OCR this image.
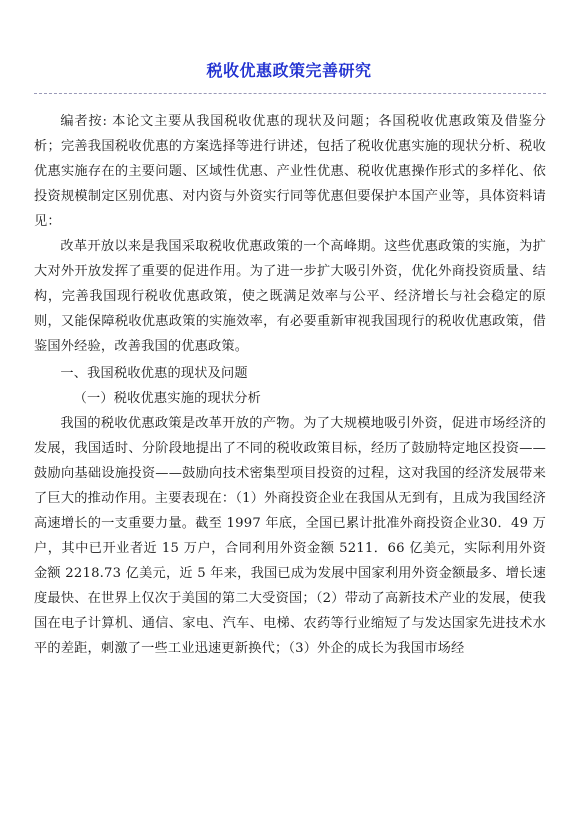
税收优惠政策完善研究

编者按: 本论文主要从我国税收优惠的现状及问题；各国税收优惠政策及借鉴分析；完善我国税收优惠的方案选择等进行讲述，包括了税收优惠实施的现状分析、税收优惠实施存在的主要问题、区域性优惠、产业性优惠、税收优惠操作形式的多样化、依投资规模制定区别优惠、对内资与外资实行同等优惠但要保护本国产业等，具体资料请见：

改革开放以来是我国采取税收优惠政策的一个高峰期。这些优惠政策的实施，为扩大对外开放发挥了重要的促进作用。为了进一步扩大吸引外资，优化外商投资质量、结构，完善我国现行税收优惠政策，使之既满足效率与公平、经济增长与社会稳定的原则，又能保障税收优惠政策的实施效率，有必要重新审视我国现行的税收优惠政策，借鉴国外经验，改善我国的优惠政策。

一、我国税收优惠的现状及问题

（一）税收优惠实施的现状分析

我国的税收优惠政策是改革开放的产物。为了大规模地吸引外资，促进市场经济的发展，我国适时、分阶段地提出了不同的税收政策目标，经历了鼓励特定地区投资——鼓励向基础设施投资——鼓励向技术密集型项目投资的过程，这对我国的经济发展带来了巨大的推动作用。主要表现在：（1）外商投资企业在我国从无到有，且成为我国经济高速增长的一支重要力量。截至 1997 年底，全国已累计批准外商投资企业30．49 万户，其中已开业者近 15 万户，合同利用外资金额 5211．66 亿美元，实际利用外资金额 2218.73 亿美元，近 5 年来，我国已成为发展中国家利用外资金额最多、增长速度最快、在世界上仅次于美国的第二大受资国；（2）带动了高新技术产业的发展，使我国在电子计算机、通信、家电、汽车、电梯、农药等行业缩短了与发达国家先进技术水平的差距，刺激了一些工业迅速更新换代；（3）外企的成长为我国市场经
